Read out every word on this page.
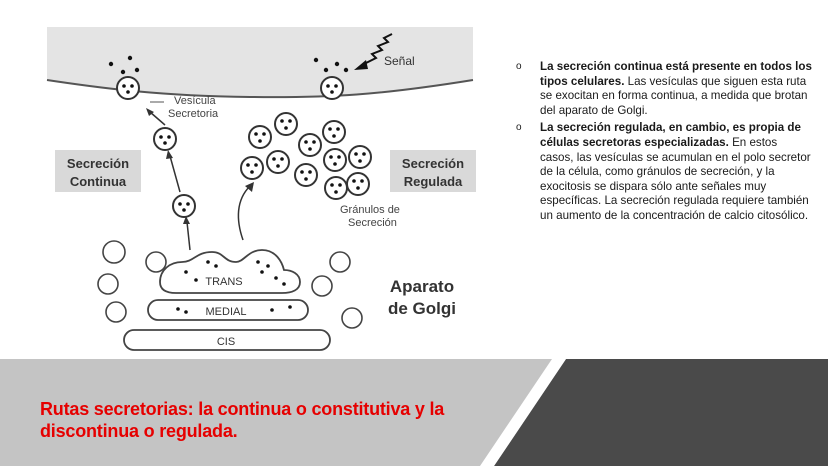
Señal
Vesícula
Secretoria
Secreción
Continua
Secreción
Regulada
Gránulos de
Secreción
TRANS
MEDIAL
CIS
Aparato
de Golgi
o La secreción continua está presente en todos los tipos celulares. Las vesículas que siguen esta ruta se exocitan en forma continua, a medida que brotan del aparato de Golgi.
o La secreción regulada, en cambio, es propia de células secretoras especializadas. En estos casos, las vesículas se acumulan en el polo secretor de la célula, como gránulos de secreción, y la exocitosis se dispara sólo ante señales muy específicas. La secreción regulada requiere también un aumento de la concentración de calcio citosólico.
Rutas secretorias: la continua o constitutiva y la discontinua o regulada.
